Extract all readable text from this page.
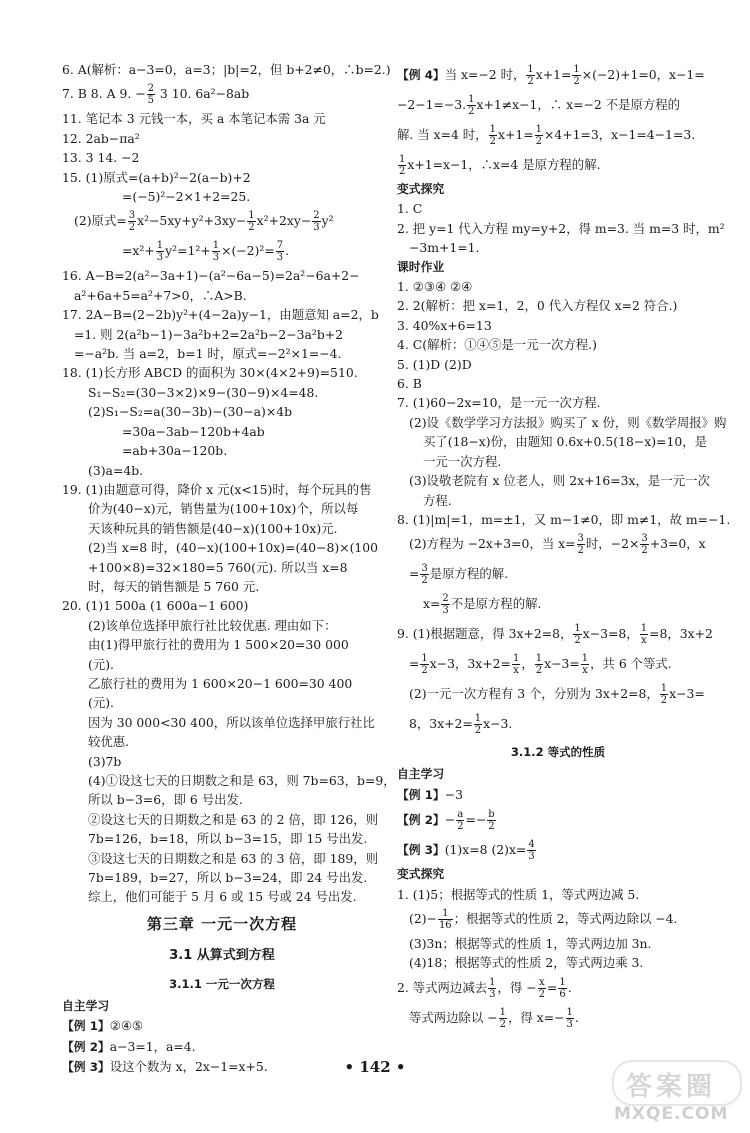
6. A(解析：a−3=0，a=3；|b|=2，但 b+2≠0，∴b=2.)
7. B 8. A 9. − $\frac{2}{5} 3$ 10. 6a²−8ab
11. 笔记本 3 元钱一本，买 a 本笔记本需 3a 元
12. 2ab−πa²
13. 3 14. −2
15. (1)原式=(a+b)²−2(a−b)+2
=(−5)²−2×1+2=25.
(2)原式= $\frac{3}{2} x^2-5xy+y^2+3xy- \frac{1}{2} x^2+2xy- \frac{2}{3} y^2$
$=x^2+ \frac{1}{3} y^2=1^2+ \frac{1}{3} \times(-2)^2= \frac{7}{3}$ .
16. A−B=2(a²−3a+1)−(a²−6a−5)=2a²−6a+2−
a²+6a+5=a²+7>0，∴A>B.
17. 2A−B=(2−2b)y²+(4−2a)y−1，由题意知 a=2，b
=1. 则 2(a²b−1)−3a²b+2=2a²b−2−3a²b+2
=−a²b. 当 a=2，b=1 时，原式=−2²×1=−4.
18. (1)长方形 ABCD 的面积为 30×(4×2+9)=510.
S₁−S₂=(30−3×2)×9−(30−9)×4=48.
(2)S₁−S₂=a(30−3b)−(30−a)×4b
=30a−3ab−120b+4ab
=ab+30a−120b.
(3)a=4b.
19. (1)由题意可得，降价 x 元(x<15)时，每个玩具的售
价为(40−x)元，销售量为(100+10x)个，所以每
天该种玩具的销售额是(40−x)(100+10x)元.
(2)当 x=8 时，(40−x)(100+10x)=(40−8)×(100
+100×8)=32×180=5 760(元). 所以当 x=8
时，每天的销售额是 5 760 元.
20. (1)1 500a (1 600a−1 600)
(2)该单位选择甲旅行社比较优惠. 理由如下：
由(1)得甲旅行社的费用为 1 500×20=30 000
(元).
乙旅行社的费用为 1 600×20−1 600=30 400
(元).
因为 30 000<30 400，所以该单位选择甲旅行社比
较优惠.
(3)7b
(4)①设这七天的日期数之和是 63，则 7b=63，b=9，
所以 b−3=6，即 6 号出发.
②设这七天的日期数之和是 63 的 2 倍，即 126，则
7b=126，b=18，所以 b−3=15，即 15 号出发.
③设这七天的日期数之和是 63 的 3 倍，即 189，则
7b=189，b=27，所以 b−3=24，即 24 号出发.
综上，他们可能于 5 月 6 或 15 号或 24 号出发.
第三章 一元一次方程
3.1 从算式到方程
3.1.1 一元一次方程
自主学习
【例 1】②④⑤
【例 2】a−3=1，a=4.
【例 3】设这个数为 x，2x−1=x+5.
【例 4】当 x=−2 时， $\frac{1}{2} x+1= \frac{1}{2} \times(-2)+1=0$，x−1=
−2−1=−3. $\frac{1}{2} x+1\ne x-1$，∴ x=−2 不是原方程的
解. 当 x=4 时， $\frac{1}{2} x+1= \frac{1}{2} \times 4+1=3$，x−1=4−1=3.
$\frac{1}{2} x+1=x-1$，∴x=4 是原方程的解.
变式探究
1. C
2. 把 y=1 代入方程 my=y+2，得 m=3. 当 m=3 时，m²
−3m+1=1.
课时作业
1. ②③④ ②④
2. 2(解析：把 x=1，2，0 代入方程仅 x=2 符合.)
3. 40%x+6=13
4. C(解析：①④⑤是一元一次方程.)
5. (1)D (2)D
6. B
7. (1)60−2x=10，是一元一次方程.
(2)设《数学学习方法报》购买了 x 份，则《数学周报》购
买了(18−x)份，由题知 0.6x+0.5(18−x)=10，是
一元一次方程.
(3)设敬老院有 x 位老人，则 2x+16=3x，是一元一次
方程.
8. (1)|m|=1，m=±1，又 m−1≠0，即 m≠1，故 m=−1.
(2)方程为 −2x+3=0，当 $x= \frac{3}{2}$ 时，$-2\times \frac{3}{2} +3=0$，x
= $\frac{3}{2}$ 是原方程的解.
$x= \frac{2}{3}$ 不是原方程的解.
9. (1)根据题意，得 3x+2=8， $\frac{1}{2} x-3=8$， $\frac{1}{x} =8$，3x+2
= $\frac{1}{2} x-3$，$3x+2= \frac{1}{x}$ ， $\frac{1}{2} x-3= \frac{1}{x}$ ，共 6 个等式.
(2)一元一次方程有 3 个，分别为 3x+2=8， $\frac{1}{2} x-3=$
8，$3x+2= \frac{1}{2} x-3$.
3.1.2 等式的性质
自主学习
【例 1】−3
【例 2】− $\frac{a}{2} =- \frac{b}{2}$
【例 3】(1)x=8 $(2)x= \frac{4}{3}$
变式探究
1. (1)5；根据等式的性质 1，等式两边减 5.
$(2)- \frac{1}{16}$ ；根据等式的性质 2，等式两边除以 −4.
(3)3n；根据等式的性质 1，等式两边加 3n.
(4)18；根据等式的性质 2，等式两边乘 3.
2. 等式两边减去 $\frac{1}{3}$ ，得 − $\frac{x}{2} = \frac{1}{6}$ .
等式两边除以 − $\frac{1}{2}$ ，得 $x=- \frac{1}{3}$ .
• 142 •
答案圈
MXQE.COM
